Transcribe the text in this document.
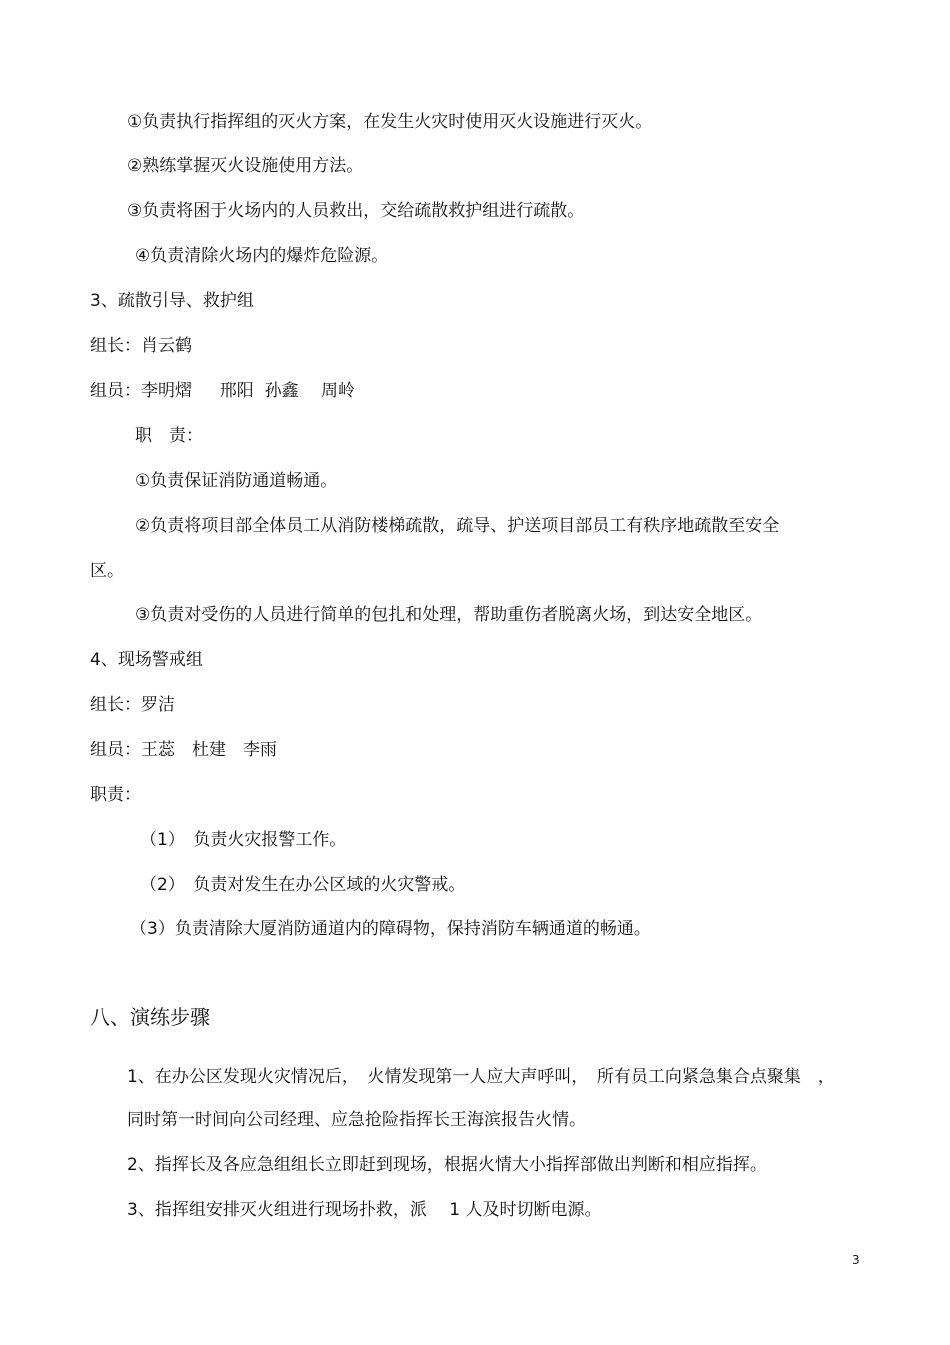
①负责执行指挥组的灭火方案，在发生火灾时使用灭火设施进行灭火。
②熟练掌握灭火设施使用方法。
③负责将困于火场内的人员救出，交给疏散救护组进行疏散。
④负责清除火场内的爆炸危险源。
3、疏散引导、救护组
组长：肖云鹤
组员：李明熠　  邢阳  孙鑫　 周岭
职　责：
①负责保证消防通道畅通。
②负责将项目部全体员工从消防楼梯疏散，疏导、护送项目部员工有秩序地疏散至安全
区。
③负责对受伤的人员进行简单的包扎和处理，帮助重伤者脱离火场，到达安全地区。
4、现场警戒组
组长：罗洁
组员：王蕊　杜建　李雨
职责：
（1）　负责火灾报警工作。
（2）　负责对发生在办公区域的火灾警戒。
（3）负责清除大厦消防通道内的障碍物，保持消防车辆通道的畅通。
八、演练步骤
1、在办公区发现火灾情况后，　火情发现第一人应大声呼叫，　所有员工向紧急集合点聚集　，
同时第一时间向公司经理、应急抢险指挥长王海滨报告火情。
2、指挥长及各应急组组长立即赶到现场，根据火情大小指挥部做出判断和相应指挥。
3、指挥组安排灭火组进行现场扑救，派　 1 人及时切断电源。
3
